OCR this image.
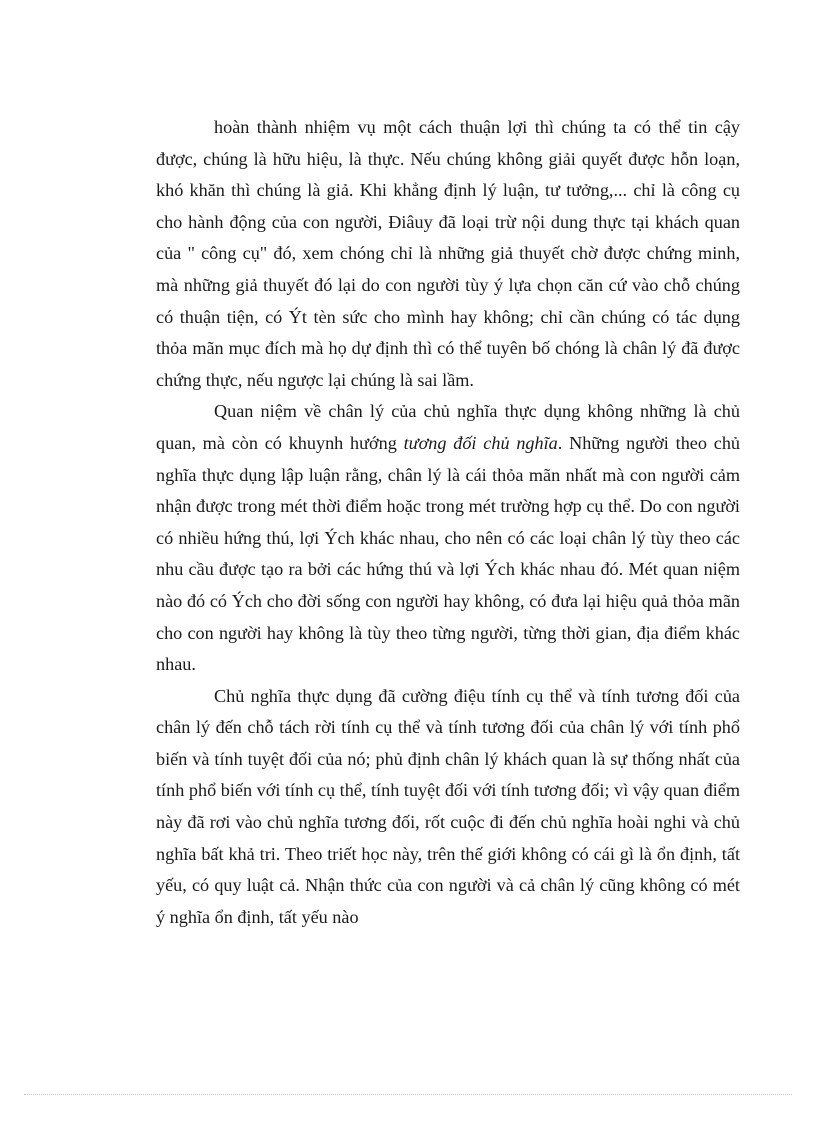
hoàn thành nhiệm vụ một cách thuận lợi thì chúng ta có thể tin cậy được, chúng là hữu hiệu, là thực. Nếu chúng không giải quyết được hỗn loạn, khó khăn thì chúng là giả. Khi khẳng định lý luận, tư tưởng,... chỉ là công cụ cho hành động của con người, Điâuy đã loại trừ nội dung thực tại khách quan của " công cụ" đó, xem chóng chỉ là những giả thuyết chờ được chứng minh, mà những giả thuyết đó lại do con người tùy ý lựa chọn căn cứ vào chỗ chúng có thuận tiện, có Ýt tèn sức cho mình hay không; chỉ cần chúng có tác dụng thỏa mãn mục đích mà họ dự định thì có thể tuyên bố chóng là chân lý đã được chứng thực, nếu ngược lại chúng là sai lầm.

Quan niệm về chân lý của chủ nghĩa thực dụng không những là chủ quan, mà còn có khuynh hướng tương đối chủ nghĩa. Những người theo chủ nghĩa thực dụng lập luận rằng, chân lý là cái thỏa mãn nhất mà con người cảm nhận được trong mét thời điểm hoặc trong mét trường hợp cụ thể. Do con người có nhiều hứng thú, lợi Ých khác nhau, cho nên có các loại chân lý tùy theo các nhu cầu được tạo ra bởi các hứng thú và lợi Ých khác nhau đó. Mét quan niệm nào đó có Ých cho đời sống con người hay không, có đưa lại hiệu quả thỏa mãn cho con người hay không là tùy theo từng người, từng thời gian, địa điểm khác nhau.

Chủ nghĩa thực dụng đã cường điệu tính cụ thể và tính tương đối của chân lý đến chỗ tách rời tính cụ thể và tính tương đối của chân lý với tính phổ biến và tính tuyệt đối của nó; phủ định chân lý khách quan là sự thống nhất của tính phổ biến với tính cụ thể, tính tuyệt đối với tính tương đối; vì vậy quan điểm này đã rơi vào chủ nghĩa tương đối, rốt cuộc đi đến chủ nghĩa hoài nghi và chủ nghĩa bất khả tri. Theo triết học này, trên thế giới không có cái gì là ổn định, tất yếu, có quy luật cả. Nhận thức của con người và cả chân lý cũng không có mét ý nghĩa ổn định, tất yếu nào
